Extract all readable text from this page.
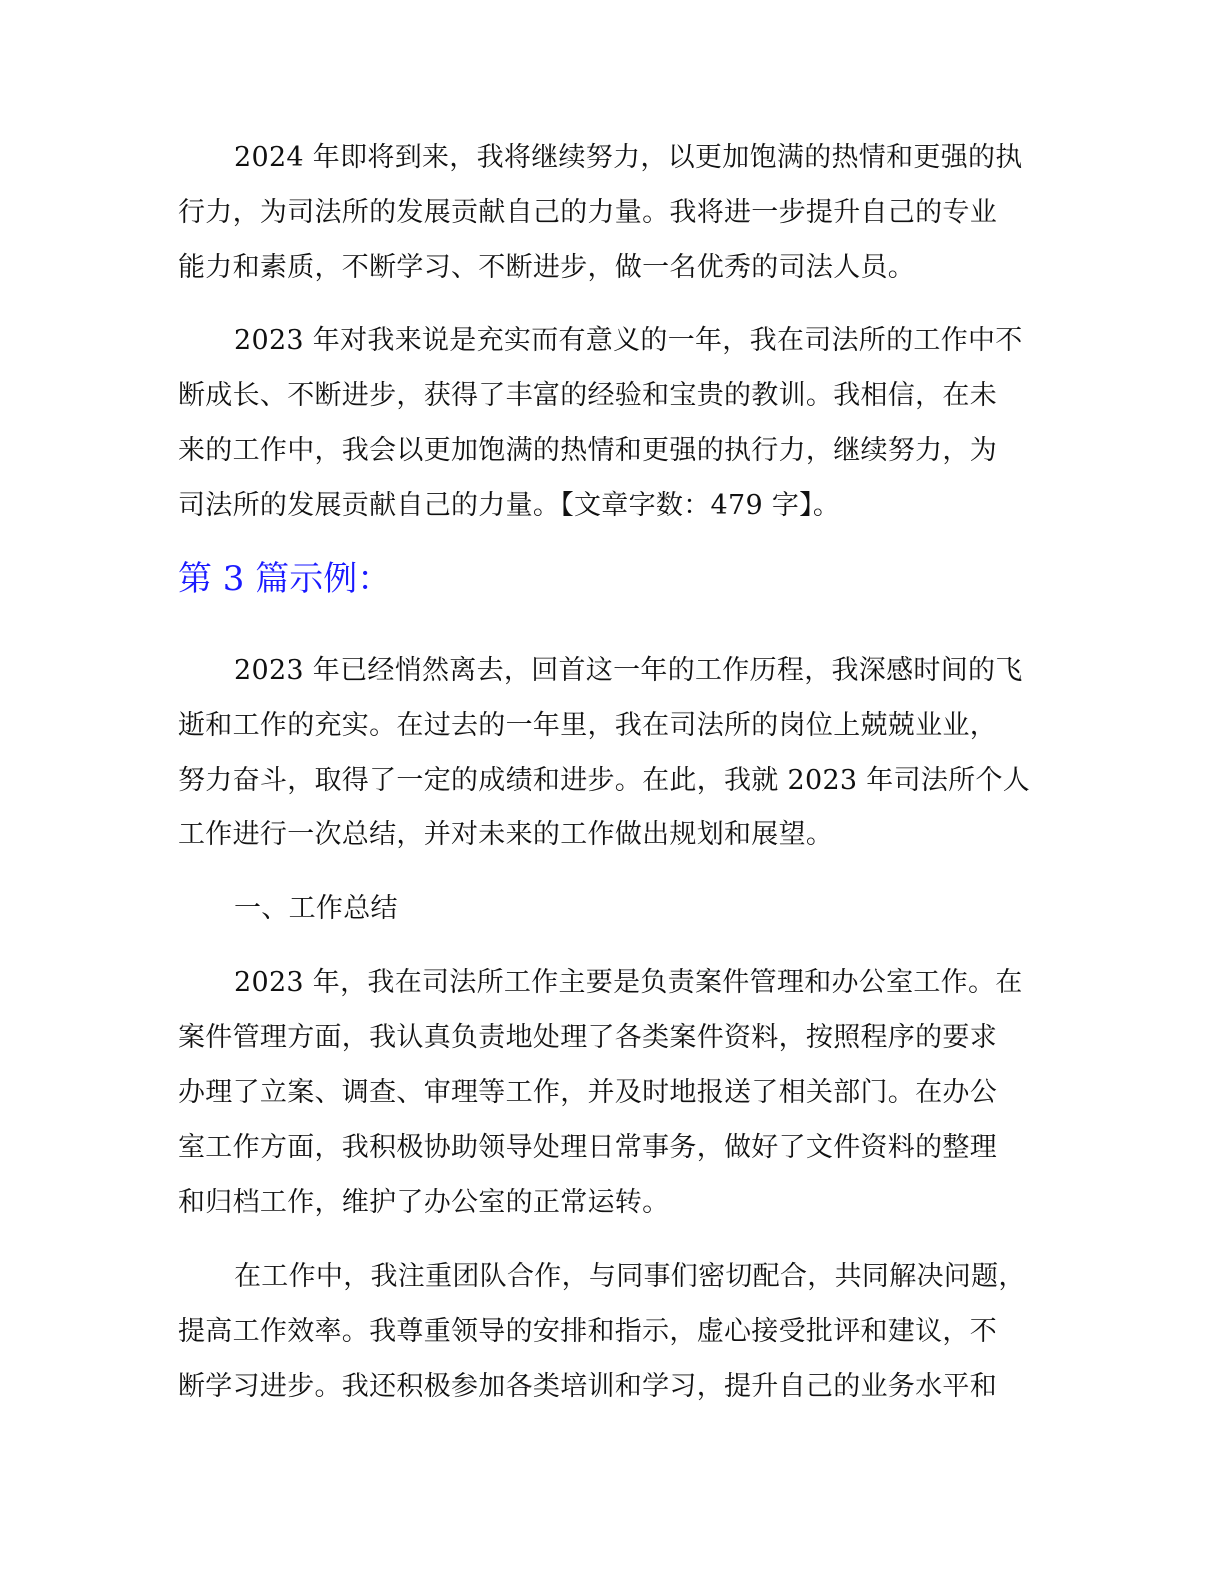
2024 年即将到来，我将继续努力，以更加饱满的热情和更强的执
行力，为司法所的发展贡献自己的力量。我将进一步提升自己的专业
能力和素质，不断学习、不断进步，做一名优秀的司法人员。
2023 年对我来说是充实而有意义的一年，我在司法所的工作中不
断成长、不断进步，获得了丰富的经验和宝贵的教训。我相信，在未
来的工作中，我会以更加饱满的热情和更强的执行力，继续努力，为
司法所的发展贡献自己的力量。【文章字数：479 字】。
第 3 篇示例：
2023 年已经悄然离去，回首这一年的工作历程，我深感时间的飞
逝和工作的充实。在过去的一年里，我在司法所的岗位上兢兢业业，
努力奋斗，取得了一定的成绩和进步。在此，我就 2023 年司法所个人
工作进行一次总结，并对未来的工作做出规划和展望。
一、工作总结
2023 年，我在司法所工作主要是负责案件管理和办公室工作。在
案件管理方面，我认真负责地处理了各类案件资料，按照程序的要求
办理了立案、调查、审理等工作，并及时地报送了相关部门。在办公
室工作方面，我积极协助领导处理日常事务，做好了文件资料的整理
和归档工作，维护了办公室的正常运转。
在工作中，我注重团队合作，与同事们密切配合，共同解决问题，
提高工作效率。我尊重领导的安排和指示，虚心接受批评和建议，不
断学习进步。我还积极参加各类培训和学习，提升自己的业务水平和
